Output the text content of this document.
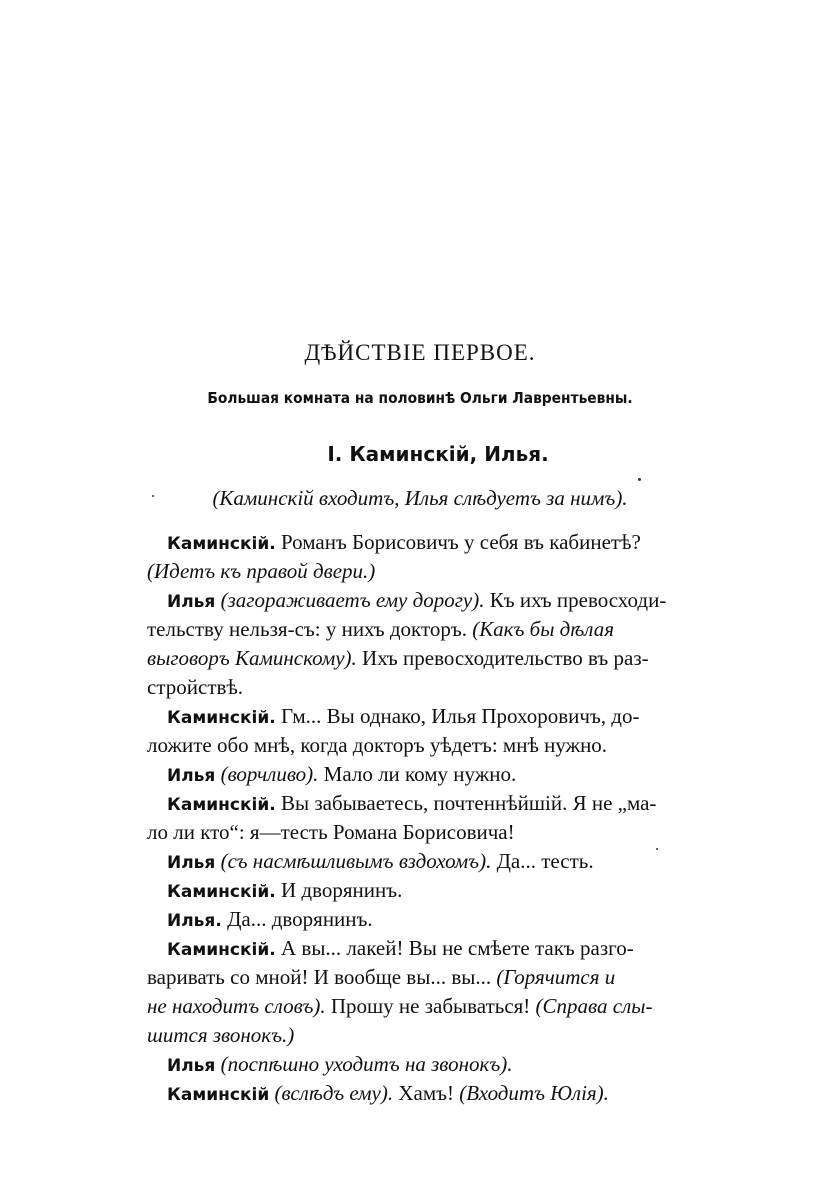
ДѢЙСТВІЕ ПЕРВОЕ.
Большая комната на половинѣ Ольги Лаврентьевны.
I. Каминскій, Илья.
(Каминскій входитъ, Илья слѣдуетъ за нимъ).
Каминскій. Романъ Борисовичъ у себя въ кабинетѣ?
(Идетъ къ правой двери.)
Илья (загораживаетъ ему дорогу). Къ ихъ превосходи-
тельству нельзя-съ: у нихъ докторъ. (Какъ бы дѣлая
выговоръ Каминскому). Ихъ превосходительство въ раз-
стройствѣ.
Каминскій. Гм... Вы однако, Илья Прохоровичъ, до-
ложите обо мнѣ, когда докторъ уѣдетъ: мнѣ нужно.
Илья (ворчливо). Мало ли кому нужно.
Каминскій. Вы забываетесь, почтеннѣйшій. Я не „ма-
ло ли кто“: я—тесть Романа Борисовича!
Илья (съ насмѣшливымъ вздохомъ). Да... тесть.
Каминскій. И дворянинъ.
Илья. Да... дворянинъ.
Каминскій. А вы... лакей! Вы не смѣете такъ разго-
варивать со мной! И вообще вы... вы... (Горячится и
не находитъ словъ). Прошу не забываться! (Справа слы-
шится звонокъ.)
Илья (поспѣшно уходитъ на звонокъ).
Каминскій (вслѣдъ ему). Хамъ! (Входитъ Юлія).
